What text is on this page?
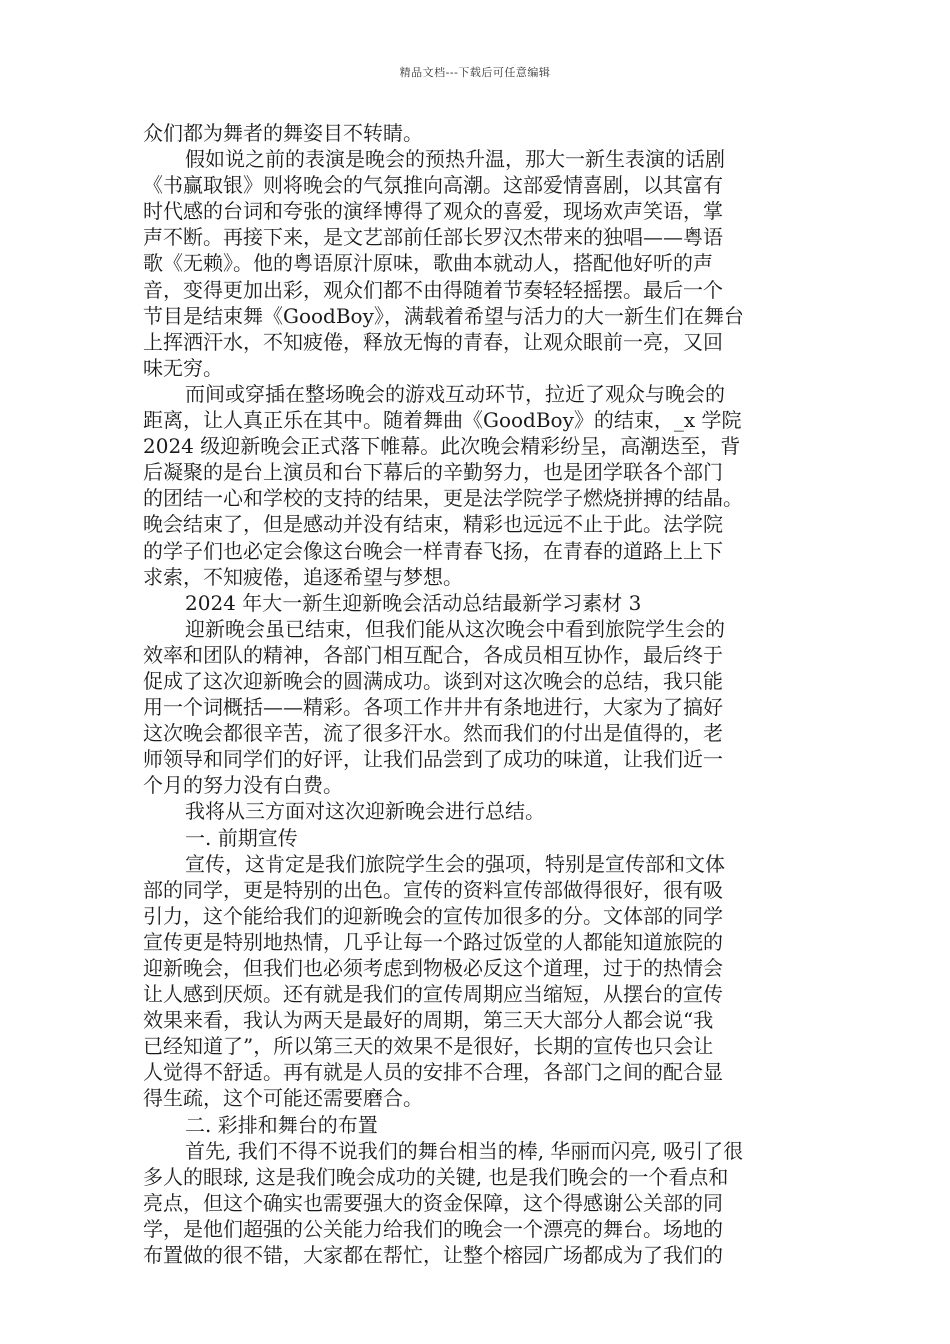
精品文档---下载后可任意编辑
众们都为舞者的舞姿目不转睛。
假如说之前的表演是晚会的预热升温，那大一新生表演的话剧
《书赢取银》则将晚会的气氛推向高潮。这部爱情喜剧，以其富有
时代感的台词和夸张的演绎博得了观众的喜爱，现场欢声笑语，掌
声不断。再接下来，是文艺部前任部长罗汉杰带来的独唱——粤语
歌《无赖》。他的粤语原汁原味，歌曲本就动人，搭配他好听的声
音，变得更加出彩，观众们都不由得随着节奏轻轻摇摆。最后一个
节目是结束舞《GoodBoy》，满载着希望与活力的大一新生们在舞台
上挥洒汗水，不知疲倦，释放无悔的青春，让观众眼前一亮，又回
味无穷。
而间或穿插在整场晚会的游戏互动环节，拉近了观众与晚会的
距离，让人真正乐在其中。随着舞曲《GoodBoy》的结束，_x 学院
2024 级迎新晚会正式落下帷幕。此次晚会精彩纷呈，高潮迭至，背
后凝聚的是台上演员和台下幕后的辛勤努力，也是团学联各个部门
的团结一心和学校的支持的结果，更是法学院学子燃烧拼搏的结晶。
晚会结束了，但是感动并没有结束，精彩也远远不止于此。法学院
的学子们也必定会像这台晚会一样青春飞扬，在青春的道路上上下
求索，不知疲倦，追逐希望与梦想。
2024 年大一新生迎新晚会活动总结最新学习素材 3
迎新晚会虽已结束，但我们能从这次晚会中看到旅院学生会的
效率和团队的精神，各部门相互配合，各成员相互协作，最后终于
促成了这次迎新晚会的圆满成功。谈到对这次晚会的总结，我只能
用一个词概括——精彩。各项工作井井有条地进行，大家为了搞好
这次晚会都很辛苦，流了很多汗水。然而我们的付出是值得的，老
师领导和同学们的好评，让我们品尝到了成功的味道，让我们近一
个月的努力没有白费。
我将从三方面对这次迎新晚会进行总结。
一. 前期宣传
宣传，这肯定是我们旅院学生会的强项，特别是宣传部和文体
部的同学，更是特别的出色。宣传的资料宣传部做得很好，很有吸
引力，这个能给我们的迎新晚会的宣传加很多的分。文体部的同学
宣传更是特别地热情，几乎让每一个路过饭堂的人都能知道旅院的
迎新晚会，但我们也必须考虑到物极必反这个道理，过于的热情会
让人感到厌烦。还有就是我们的宣传周期应当缩短，从摆台的宣传
效果来看，我认为两天是最好的周期，第三天大部分人都会说“我
已经知道了”，所以第三天的效果不是很好，长期的宣传也只会让
人觉得不舒适。再有就是人员的安排不合理，各部门之间的配合显
得生疏，这个可能还需要磨合。
二. 彩排和舞台的布置
首先, 我们不得不说我们的舞台相当的棒, 华丽而闪亮, 吸引了很
多人的眼球, 这是我们晚会成功的关键, 也是我们晚会的一个看点和
亮点，但这个确实也需要强大的资金保障，这个得感谢公关部的同
学，是他们超强的公关能力给我们的晚会一个漂亮的舞台。场地的
布置做的很不错，大家都在帮忙，让整个榕园广场都成为了我们的
